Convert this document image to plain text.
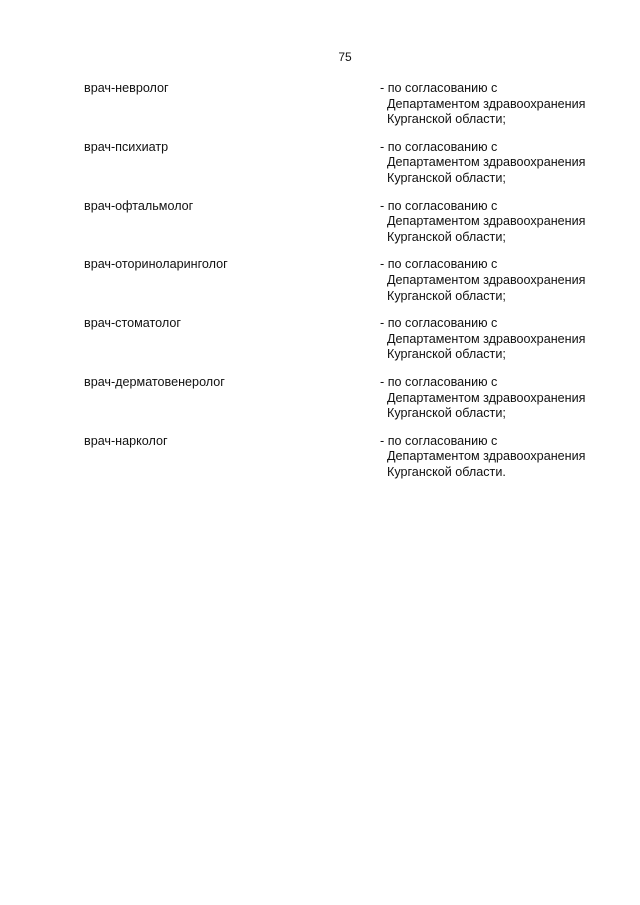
75
врач-невролог	- по согласованию с
Департаментом здравоохранения
Курганской области;
врач-психиатр	- по согласованию с
Департаментом здравоохранения
Курганской области;
врач-офтальмолог	- по согласованию с
Департаментом здравоохранения
Курганской области;
врач-оториноларинголог	- по согласованию с
Департаментом здравоохранения
Курганской области;
врач-стоматолог	- по согласованию с
Департаментом здравоохранения
Курганской области;
врач-дерматовенеролог	- по согласованию с
Департаментом здравоохранения
Курганской области;
врач-нарколог	- по согласованию с
Департаментом здравоохранения
Курганской области.
